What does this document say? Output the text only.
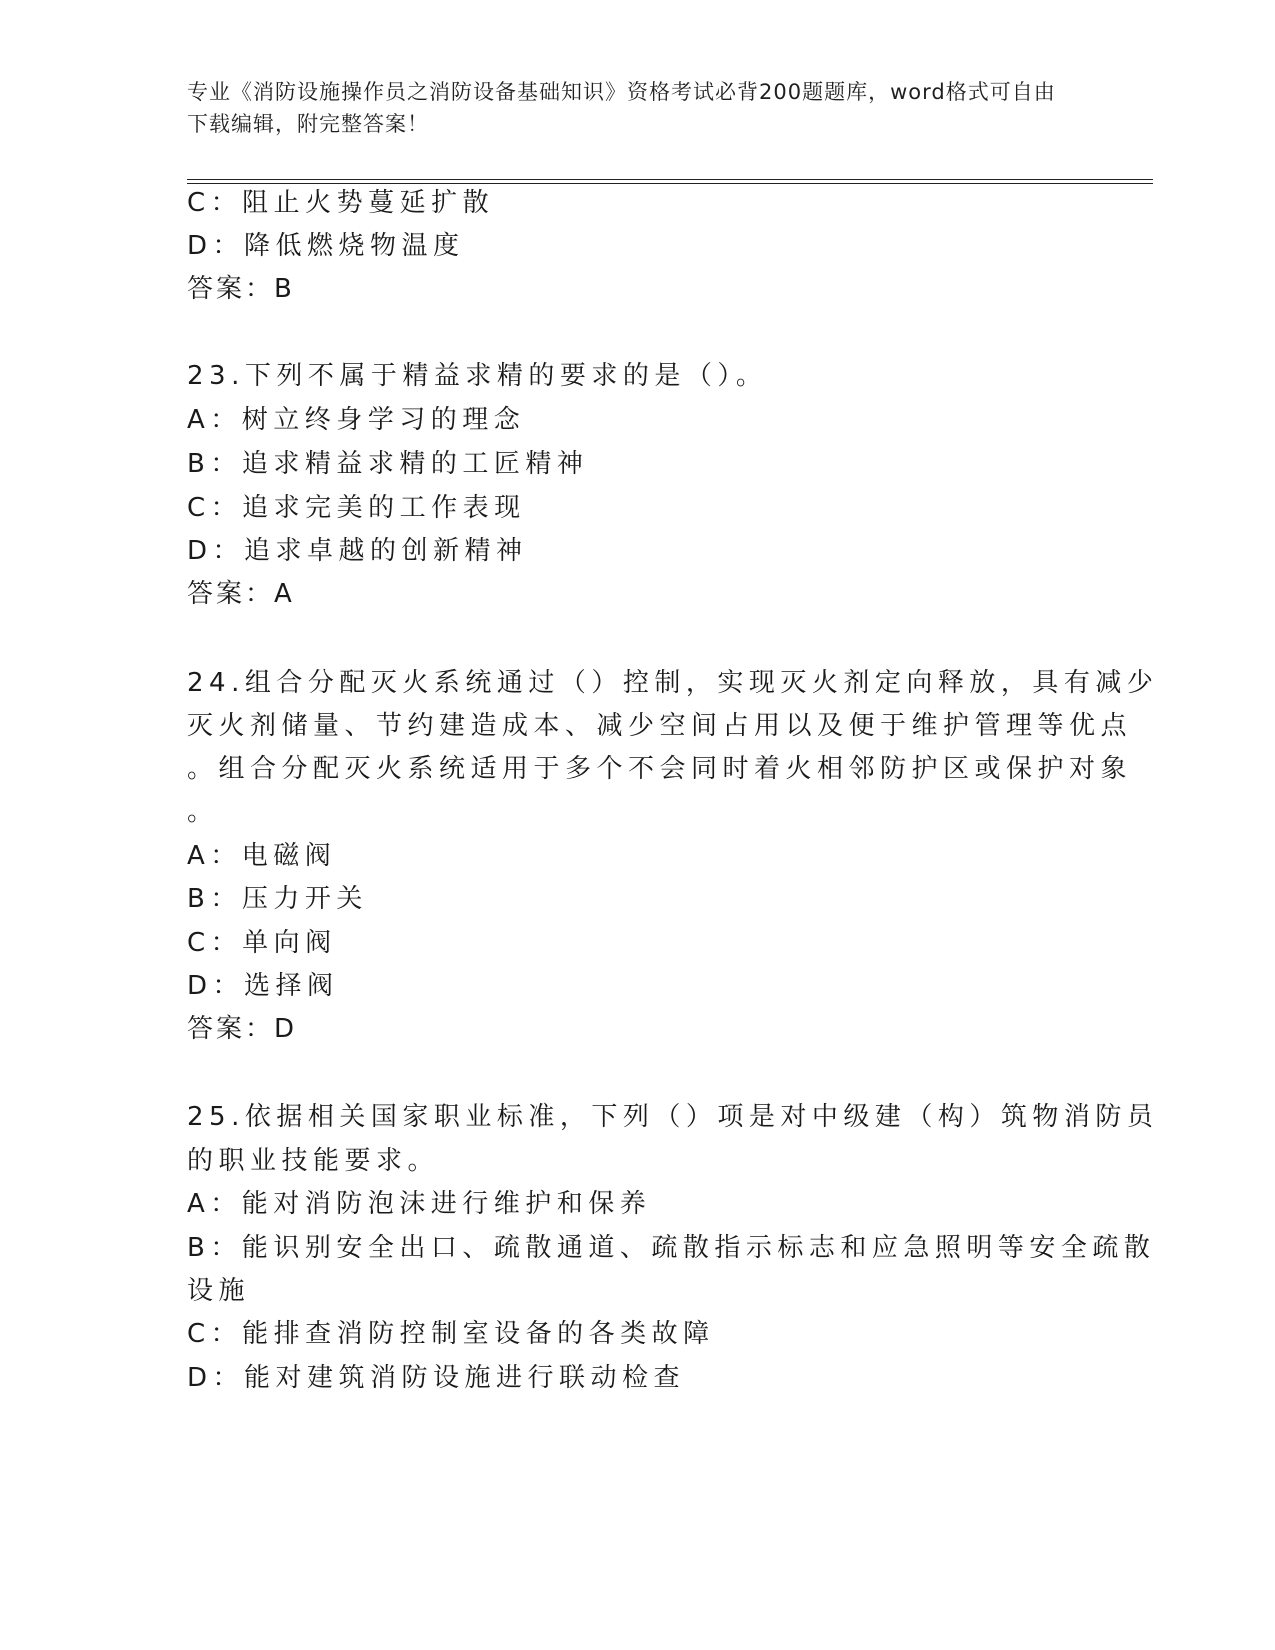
专业《消防设施操作员之消防设备基础知识》资格考试必背200题题库，word格式可自由下载编辑，附完整答案！
C：阻止火势蔓延扩散
D：降低燃烧物温度
答案：B
23.下列不属于精益求精的要求的是（）。
A：树立终身学习的理念
B：追求精益求精的工匠精神
C：追求完美的工作表现
D：追求卓越的创新精神
答案：A
24.组合分配灭火系统通过（）控制，实现灭火剂定向释放，具有减少
灭火剂储量、节约建造成本、减少空间占用以及便于维护管理等优点
。组合分配灭火系统适用于多个不会同时着火相邻防护区或保护对象
。
A：电磁阀
B：压力开关
C：单向阀
D：选择阀
答案：D
25.依据相关国家职业标准，下列（）项是对中级建（构）筑物消防员
的职业技能要求。
A：能对消防泡沫进行维护和保养
B：能识别安全出口、疏散通道、疏散指示标志和应急照明等安全疏散
设施
C：能排查消防控制室设备的各类故障
D：能对建筑消防设施进行联动检查
